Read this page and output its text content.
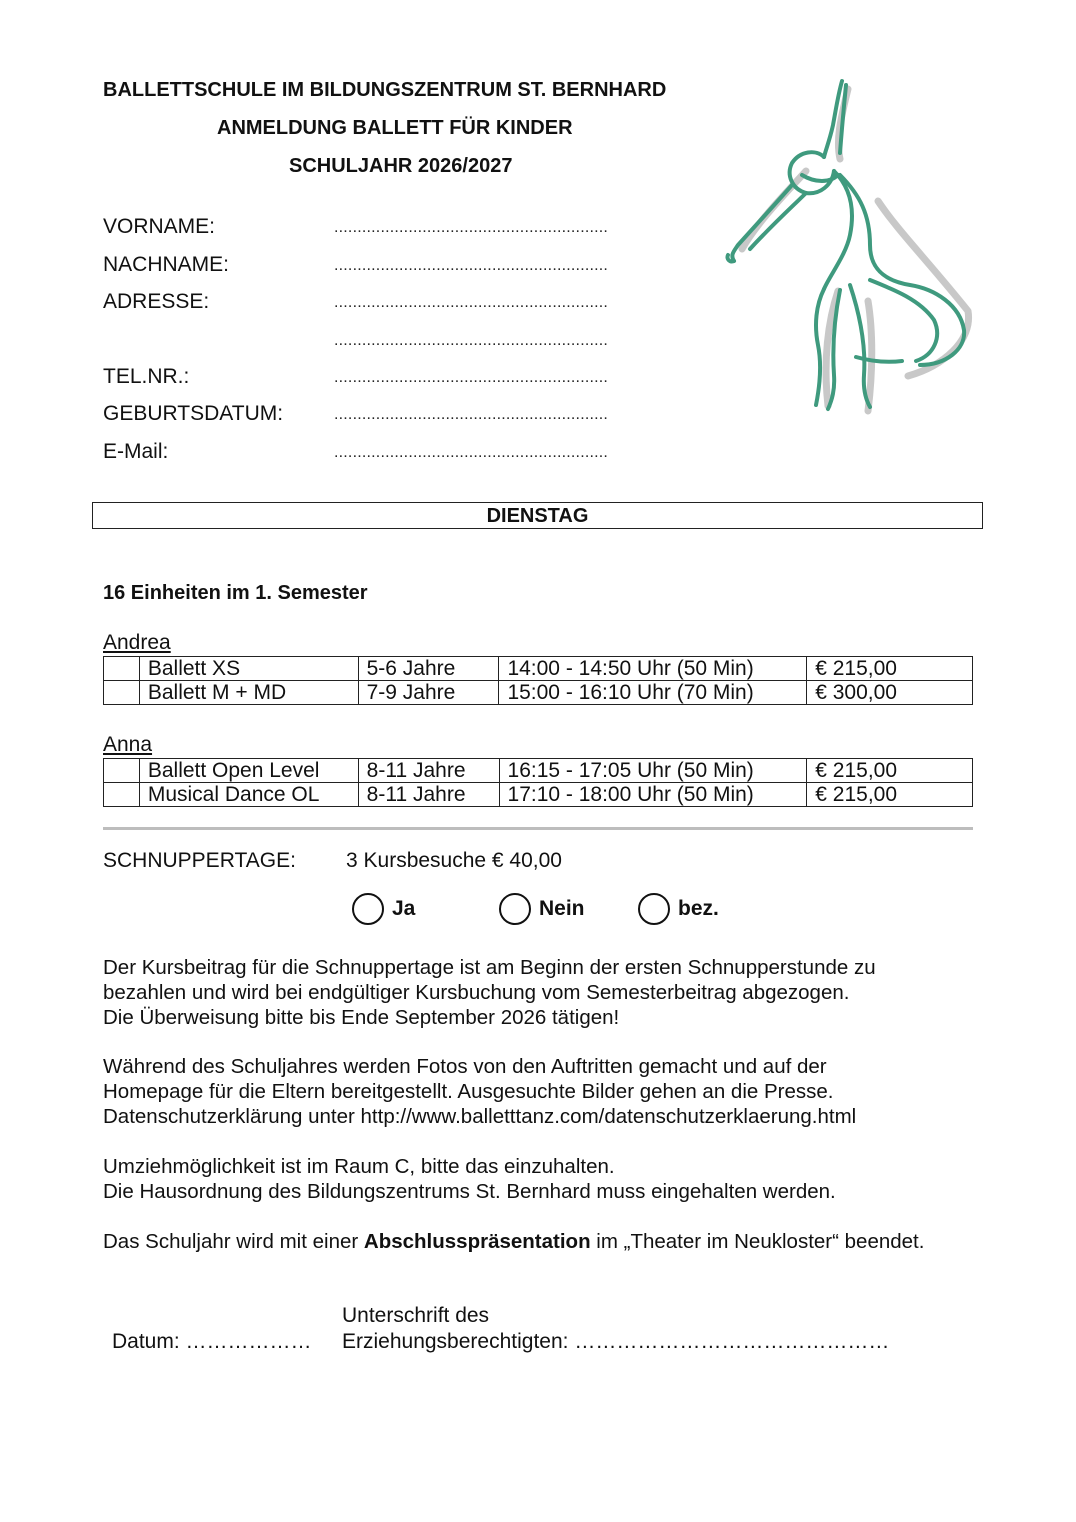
BALLETTSCHULE IM BILDUNGSZENTRUM ST. BERNHARD
ANMELDUNG BALLETT FÜR KINDER
SCHULJAHR 2026/2027
VORNAME:	...........................................................
NACHNAME:	...........................................................
ADRESSE:	...........................................................
...........................................................
TEL.NR.:	...........................................................
GEBURTSDATUM:	...........................................................
E-Mail:	...........................................................
DIENSTAG
16 Einheiten im 1. Semester
Andrea
	Ballett XS	5-6 Jahre	14:00 - 14:50 Uhr (50 Min)	€ 215,00
	Ballett M + MD	7-9 Jahre	15:00 - 16:10 Uhr (70 Min)	€ 300,00
Anna
	Ballett Open Level	8-11 Jahre	16:15 - 17:05 Uhr (50 Min)	€ 215,00
	Musical Dance OL	8-11 Jahre	17:10 - 18:00 Uhr (50 Min)	€ 215,00
SCHNUPPERTAGE: 3 Kursbesuche € 40,00
Ja	Nein	bez.

Der Kursbeitrag für die Schnuppertage ist am Beginn der ersten Schnupperstunde zu

bezahlen und wird bei endgültiger Kursbuchung vom Semesterbeitrag abgezogen.

Die Überweisung bitte bis Ende September 2026 tätigen!

Während des Schuljahres werden Fotos von den Auftritten gemacht und auf der

Homepage für die Eltern bereitgestellt. Ausgesuchte Bilder gehen an die Presse.

Datenschutzerklärung unter http://www.balletttanz.com/datenschutzerklaerung.html

Umziehmöglichkeit ist im Raum C, bitte das einzuhalten.

Die Hausordnung des Bildungszentrums St. Bernhard muss eingehalten werden.

Das Schuljahr wird mit einer Abschlusspräsentation im „Theater im Neukloster“ beendet.

Datum: ………………
Unterschrift des
Erziehungsberechtigten: ………………………………………
